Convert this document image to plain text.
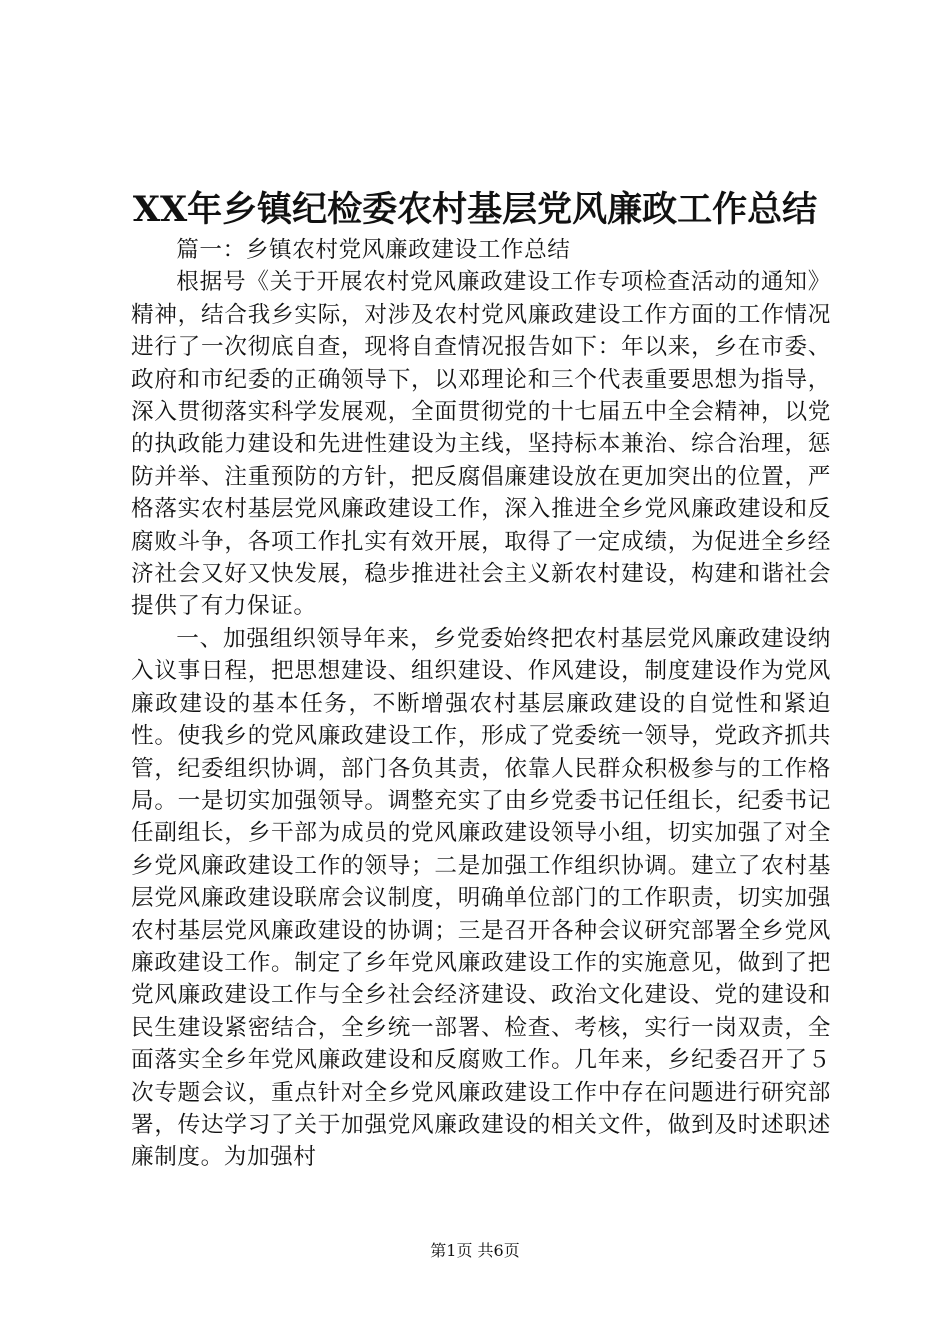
XX年乡镇纪检委农村基层党风廉政工作总结

篇一：乡镇农村党风廉政建设工作总结

根据号《关于开展农村党风廉政建设工作专项检查活动的通知》精神，结合我乡实际，对涉及农村党风廉政建设工作方面的工作情况进行了一次彻底自查，现将自查情况报告如下：年以来，乡在市委、政府和市纪委的正确领导下，以邓理论和三个代表重要思想为指导，深入贯彻落实科学发展观，全面贯彻党的十七届五中全会精神，以党的执政能力建设和先进性建设为主线，坚持标本兼治、综合治理，惩防并举、注重预防的方针，把反腐倡廉建设放在更加突出的位置，严格落实农村基层党风廉政建设工作，深入推进全乡党风廉政建设和反腐败斗争，各项工作扎实有效开展，取得了一定成绩，为促进全乡经济社会又好又快发展，稳步推进社会主义新农村建设，构建和谐社会提供了有力保证。

一、加强组织领导年来，乡党委始终把农村基层党风廉政建设纳入议事日程，把思想建设、组织建设、作风建设，制度建设作为党风廉政建设的基本任务，不断增强农村基层廉政建设的自觉性和紧迫性。使我乡的党风廉政建设工作，形成了党委统一领导，党政齐抓共管，纪委组织协调，部门各负其责，依靠人民群众积极参与的工作格局。一是切实加强领导。调整充实了由乡党委书记任组长，纪委书记任副组长，乡干部为成员的党风廉政建设领导小组，切实加强了对全乡党风廉政建设工作的领导；二是加强工作组织协调。建立了农村基层党风廉政建设联席会议制度，明确单位部门的工作职责，切实加强农村基层党风廉政建设的协调；三是召开各种会议研究部署全乡党风廉政建设工作。制定了乡年党风廉政建设工作的实施意见，做到了把党风廉政建设工作与全乡社会经济建设、政治文化建设、党的建设和民生建设紧密结合，全乡统一部署、检查、考核，实行一岗双责，全面落实全乡年党风廉政建设和反腐败工作。几年来，乡纪委召开了５次专题会议，重点针对全乡党风廉政建设工作中存在问题进行研究部署，传达学习了关于加强党风廉政建设的相关文件，做到及时述职述廉制度。为加强村

第1页 共6页
